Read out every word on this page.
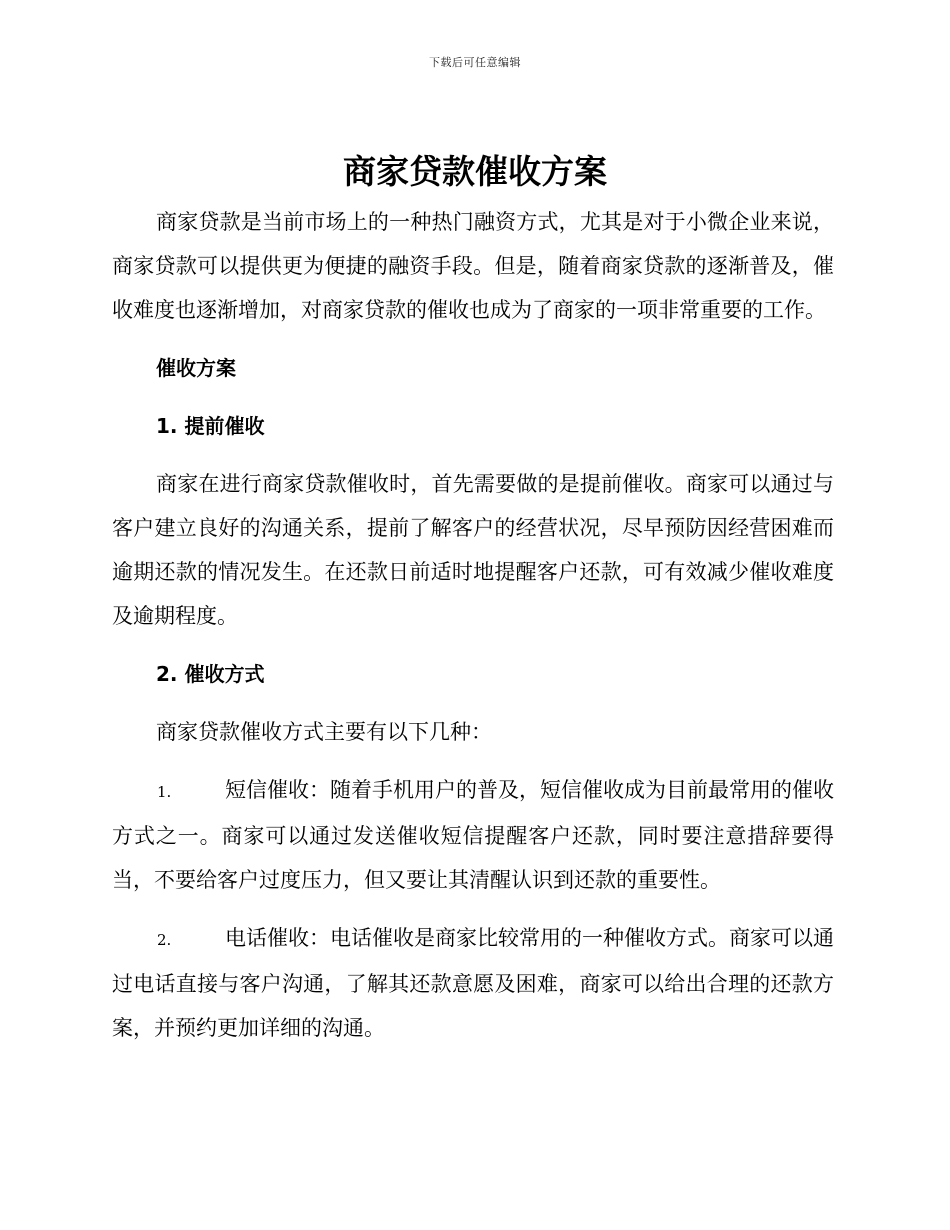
下载后可任意编辑
商家贷款催收方案

商家贷款是当前市场上的一种热门融资方式，尤其是对于小微企业来说，商家贷款可以提供更为便捷的融资手段。但是，随着商家贷款的逐渐普及，催收难度也逐渐增加，对商家贷款的催收也成为了商家的一项非常重要的工作。

催收方案
1. 提前催收

商家在进行商家贷款催收时，首先需要做的是提前催收。商家可以通过与客户建立良好的沟通关系，提前了解客户的经营状况，尽早预防因经营困难而逾期还款的情况发生。在还款日前适时地提醒客户还款，可有效减少催收难度及逾期程度。

2. 催收方式

商家贷款催收方式主要有以下几种：

1.	短信催收：随着手机用户的普及，短信催收成为目前最常用的催收方式之一。商家可以通过发送催收短信提醒客户还款，同时要注意措辞要得当，不要给客户过度压力，但又要让其清醒认识到还款的重要性。

2.	电话催收：电话催收是商家比较常用的一种催收方式。商家可以通过电话直接与客户沟通，了解其还款意愿及困难，商家可以给出合理的还款方案，并预约更加详细的沟通。
